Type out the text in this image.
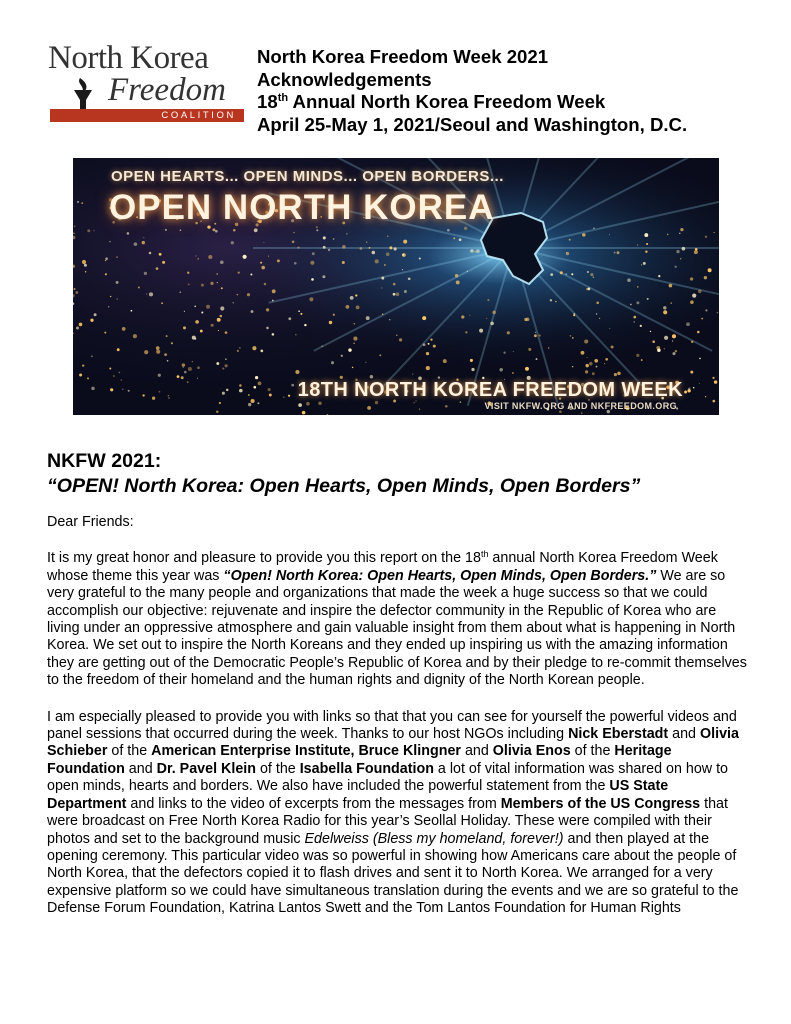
North Korea
Freedom
COALITION
North Korea Freedom Week 2021
Acknowledgements
18th Annual North Korea Freedom Week
April 25-May 1, 2021/Seoul and Washington, D.C.
OPEN HEARTS... OPEN MINDS... OPEN BORDERS...
OPEN NORTH KOREA
18TH NORTH KOREA FREEDOM WEEK
VISIT NKFW.ORG AND NKFREEDOM.ORG
NKFW 2021:
“OPEN! North Korea: Open Hearts, Open Minds, Open Borders”

Dear Friends:

It is my great honor and pleasure to provide you this report on the 18th annual North Korea Freedom Week whose theme this year was “Open! North Korea: Open Hearts, Open Minds, Open Borders.” We are so very grateful to the many people and organizations that made the week a huge success so that we could accomplish our objective: rejuvenate and inspire the defector community in the Republic of Korea who are living under an oppressive atmosphere and gain valuable insight from them about what is happening in North Korea. We set out to inspire the North Koreans and they ended up inspiring us with the amazing information they are getting out of the Democratic People’s Republic of Korea and by their pledge to re-commit themselves to the freedom of their homeland and the human rights and dignity of the North Korean people.

I am especially pleased to provide you with links so that that you can see for yourself the powerful videos and panel sessions that occurred during the week. Thanks to our host NGOs including Nick Eberstadt and Olivia Schieber of the American Enterprise Institute, Bruce Klingner and Olivia Enos of the Heritage Foundation and Dr. Pavel Klein of the Isabella Foundation a lot of vital information was shared on how to open minds, hearts and borders. We also have included the powerful statement from the US State Department and links to the video of excerpts from the messages from Members of the US Congress that were broadcast on Free North Korea Radio for this year’s Seollal Holiday. These were compiled with their photos and set to the background music Edelweiss (Bless my homeland, forever!) and then played at the opening ceremony. This particular video was so powerful in showing how Americans care about the people of North Korea, that the defectors copied it to flash drives and sent it to North Korea. We arranged for a very expensive platform so we could have simultaneous translation during the events and we are so grateful to the Defense Forum Foundation, Katrina Lantos Swett and the Tom Lantos Foundation for Human Rights
